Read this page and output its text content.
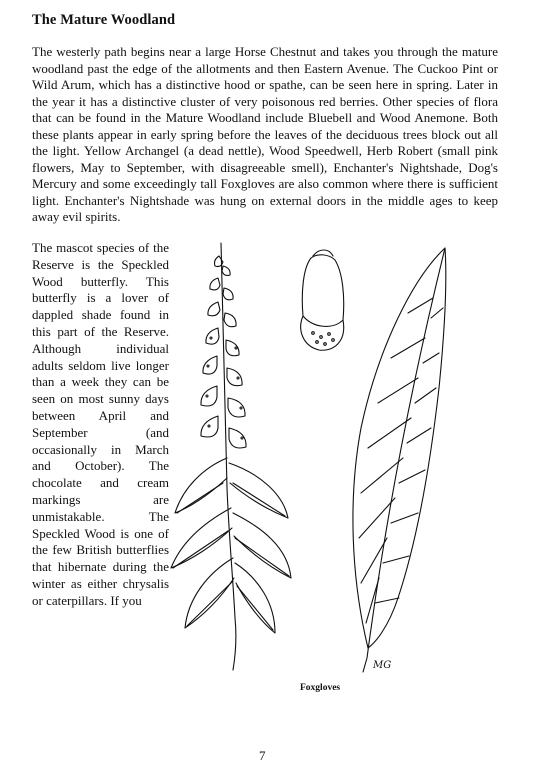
The Mature Woodland

The westerly path begins near a large Horse Chestnut and takes you through the mature woodland past the edge of the allotments and then Eastern Avenue. The Cuckoo Pint or Wild Arum, which has a distinctive hood or spathe, can be seen here in spring. Later in the year it has a distinctive cluster of very poisonous red berries. Other species of flora that can be found in the Mature Woodland include Bluebell and Wood Anemone. Both these plants appear in early spring before the leaves of the deciduous trees block out all the light. Yellow Archangel (a dead nettle), Wood Speedwell, Herb Robert (small pink flowers, May to September, with disagreeable smell), Enchanter's Nightshade, Dog's Mercury and some exceedingly tall Foxgloves are also common where there is sufficient light. Enchanter's Nightshade was hung on external doors in the middle ages to keep away evil spirits.

The mascot species of the Reserve is the Speckled Wood butterfly. This butterfly is a lover of dappled shade found in this part of the Reserve. Although individual adults seldom live longer than a week they can be seen on most sunny days between April and September (and occasionally in March and October). The chocolate and cream markings are unmistakable. The Speckled Wood is one of the few British butterflies that hibernate during the winter as either chrysalis or caterpillars. If you

MG
Foxgloves
7
